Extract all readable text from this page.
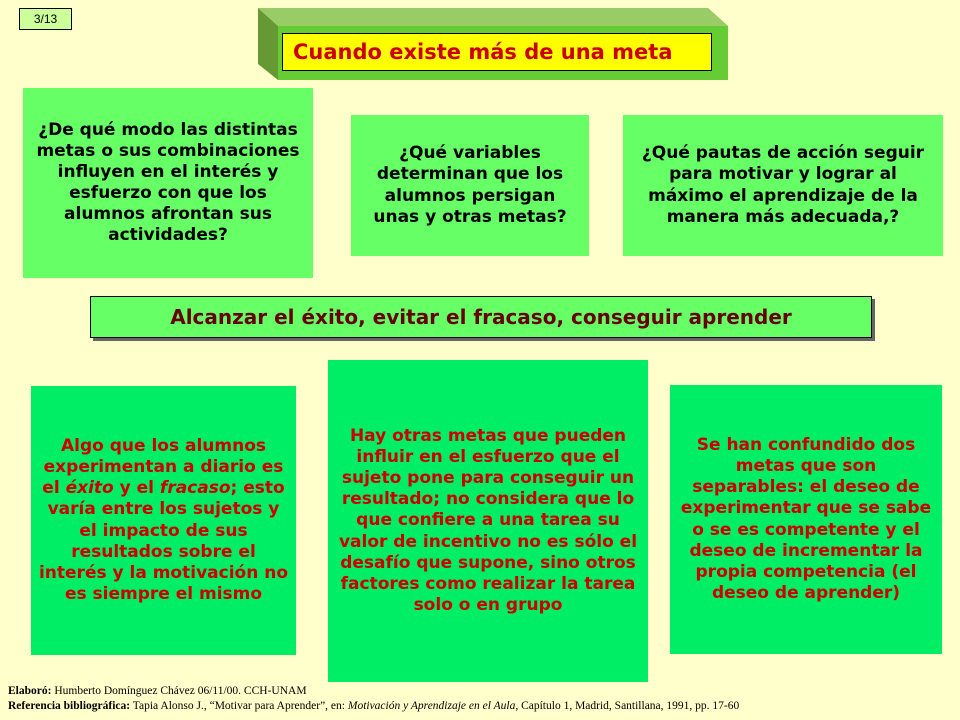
3/13
Cuando existe más de una meta
¿De qué modo las distintas metas o sus combinaciones influyen en el interés y esfuerzo con que los alumnos afrontan sus actividades?
¿Qué variables determinan que los alumnos persigan unas y otras metas?
¿Qué pautas de acción seguir para motivar y lograr al máximo el aprendizaje de la manera más adecuada,?
Alcanzar el éxito, evitar el fracaso, conseguir aprender
Algo que los alumnos experimentan a diario es el éxito y el fracaso; esto varía entre los sujetos y el impacto de sus resultados sobre el interés y la motivación no es siempre el mismo
Hay otras metas que pueden influir en el esfuerzo que el sujeto pone para conseguir un resultado; no considera que lo que confiere a una tarea su valor de incentivo no es sólo el desafío que supone, sino otros factores como realizar la tarea solo o en grupo
Se han confundido dos metas que son separables: el deseo de experimentar que se sabe o se es competente y el deseo de incrementar la propia competencia (el deseo de aprender)
Elaboró: Humberto Domínguez Chávez 06/11/00. CCH-UNAM
Referencia bibliográfica: Tapia Alonso J., “Motivar para Aprender”, en: Motivación y Aprendizaje en el Aula, Capítulo 1, Madrid, Santillana, 1991, pp. 17-60
